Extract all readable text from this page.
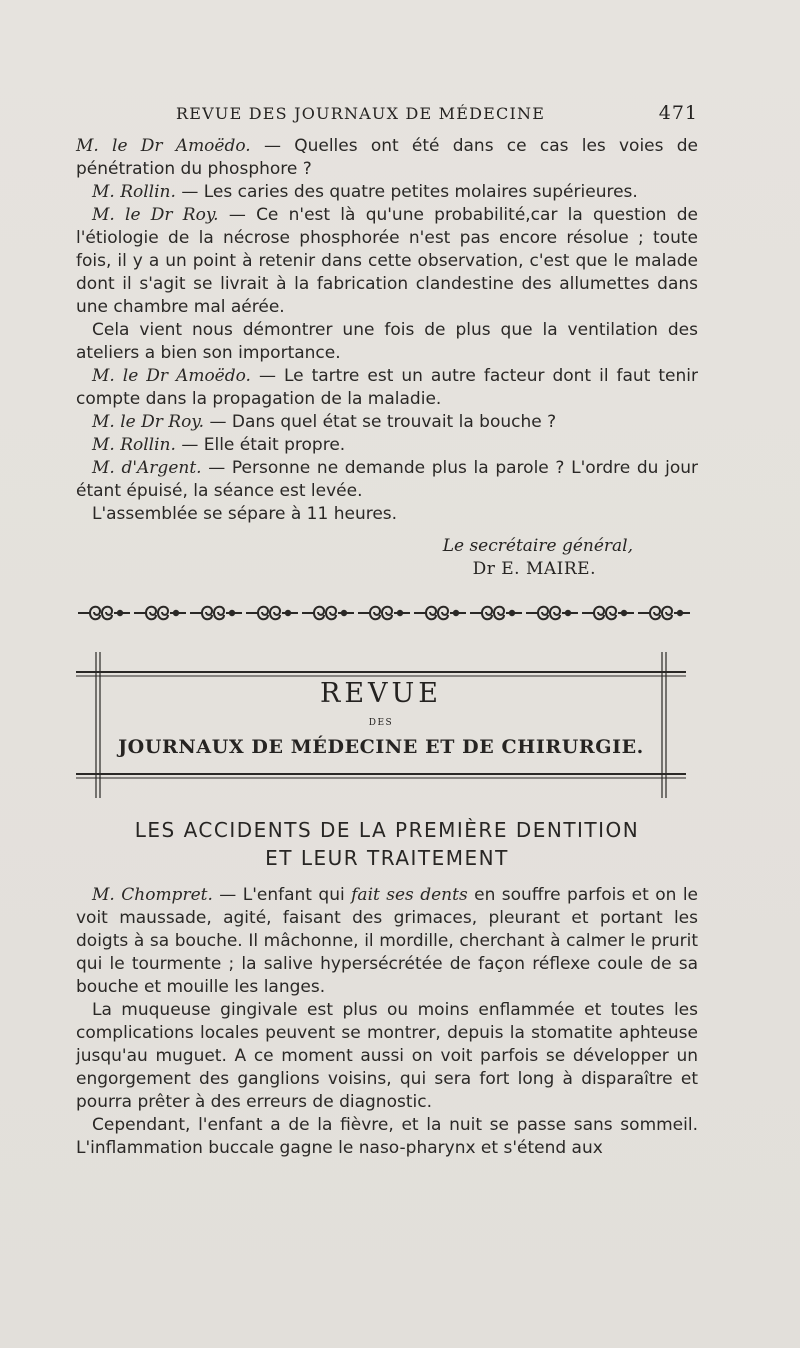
REVUE DES JOURNAUX DE MÉDECINE	471

M. le Dr Amoëdo. — Quelles ont été dans ce cas les voies de pénétration du phosphore ?

M. Rollin. — Les caries des quatre petites molaires supérieures.

M. le Dr Roy. — Ce n'est là qu'une probabilité,car la question de l'étiologie de la nécrose phosphorée n'est pas encore résolue ; toute fois, il y a un point à retenir dans cette observation, c'est que le malade dont il s'agit se livrait à la fabrication clandestine des allumettes dans une chambre mal aérée.

Cela vient nous démontrer une fois de plus que la ventilation des ateliers a bien son importance.

M. le Dr Amoëdo. — Le tartre est un autre facteur dont il faut tenir compte dans la propagation de la maladie.

M. le Dr Roy. — Dans quel état se trouvait la bouche ?

M. Rollin. — Elle était propre.

M. d'Argent. — Personne ne demande plus la parole ? L'ordre du jour étant épuisé, la séance est levée.

L'assemblée se sépare à 11 heures.

Le secrétaire général,
Dr E. MAIRE.
REVUE
DES
JOURNAUX DE MÉDECINE ET DE CHIRURGIE.
LES ACCIDENTS DE LA PREMIÈRE DENTITION
ET LEUR TRAITEMENT

M. Chompret. — L'enfant qui fait ses dents en souffre parfois et on le voit maussade, agité, faisant des grimaces, pleurant et portant les doigts à sa bouche. Il mâchonne, il mordille, cherchant à calmer le prurit qui le tourmente ; la salive hypersécrétée de façon réflexe coule de sa bouche et mouille les langes.

La muqueuse gingivale est plus ou moins enflammée et toutes les complications locales peuvent se montrer, depuis la stomatite aphteuse jusqu'au muguet. A ce moment aussi on voit parfois se développer un engorgement des ganglions voisins, qui sera fort long à disparaître et pourra prêter à des erreurs de diagnostic.

Cependant, l'enfant a de la fièvre, et la nuit se passe sans sommeil. L'inflammation buccale gagne le naso-pharynx et s'étend aux
